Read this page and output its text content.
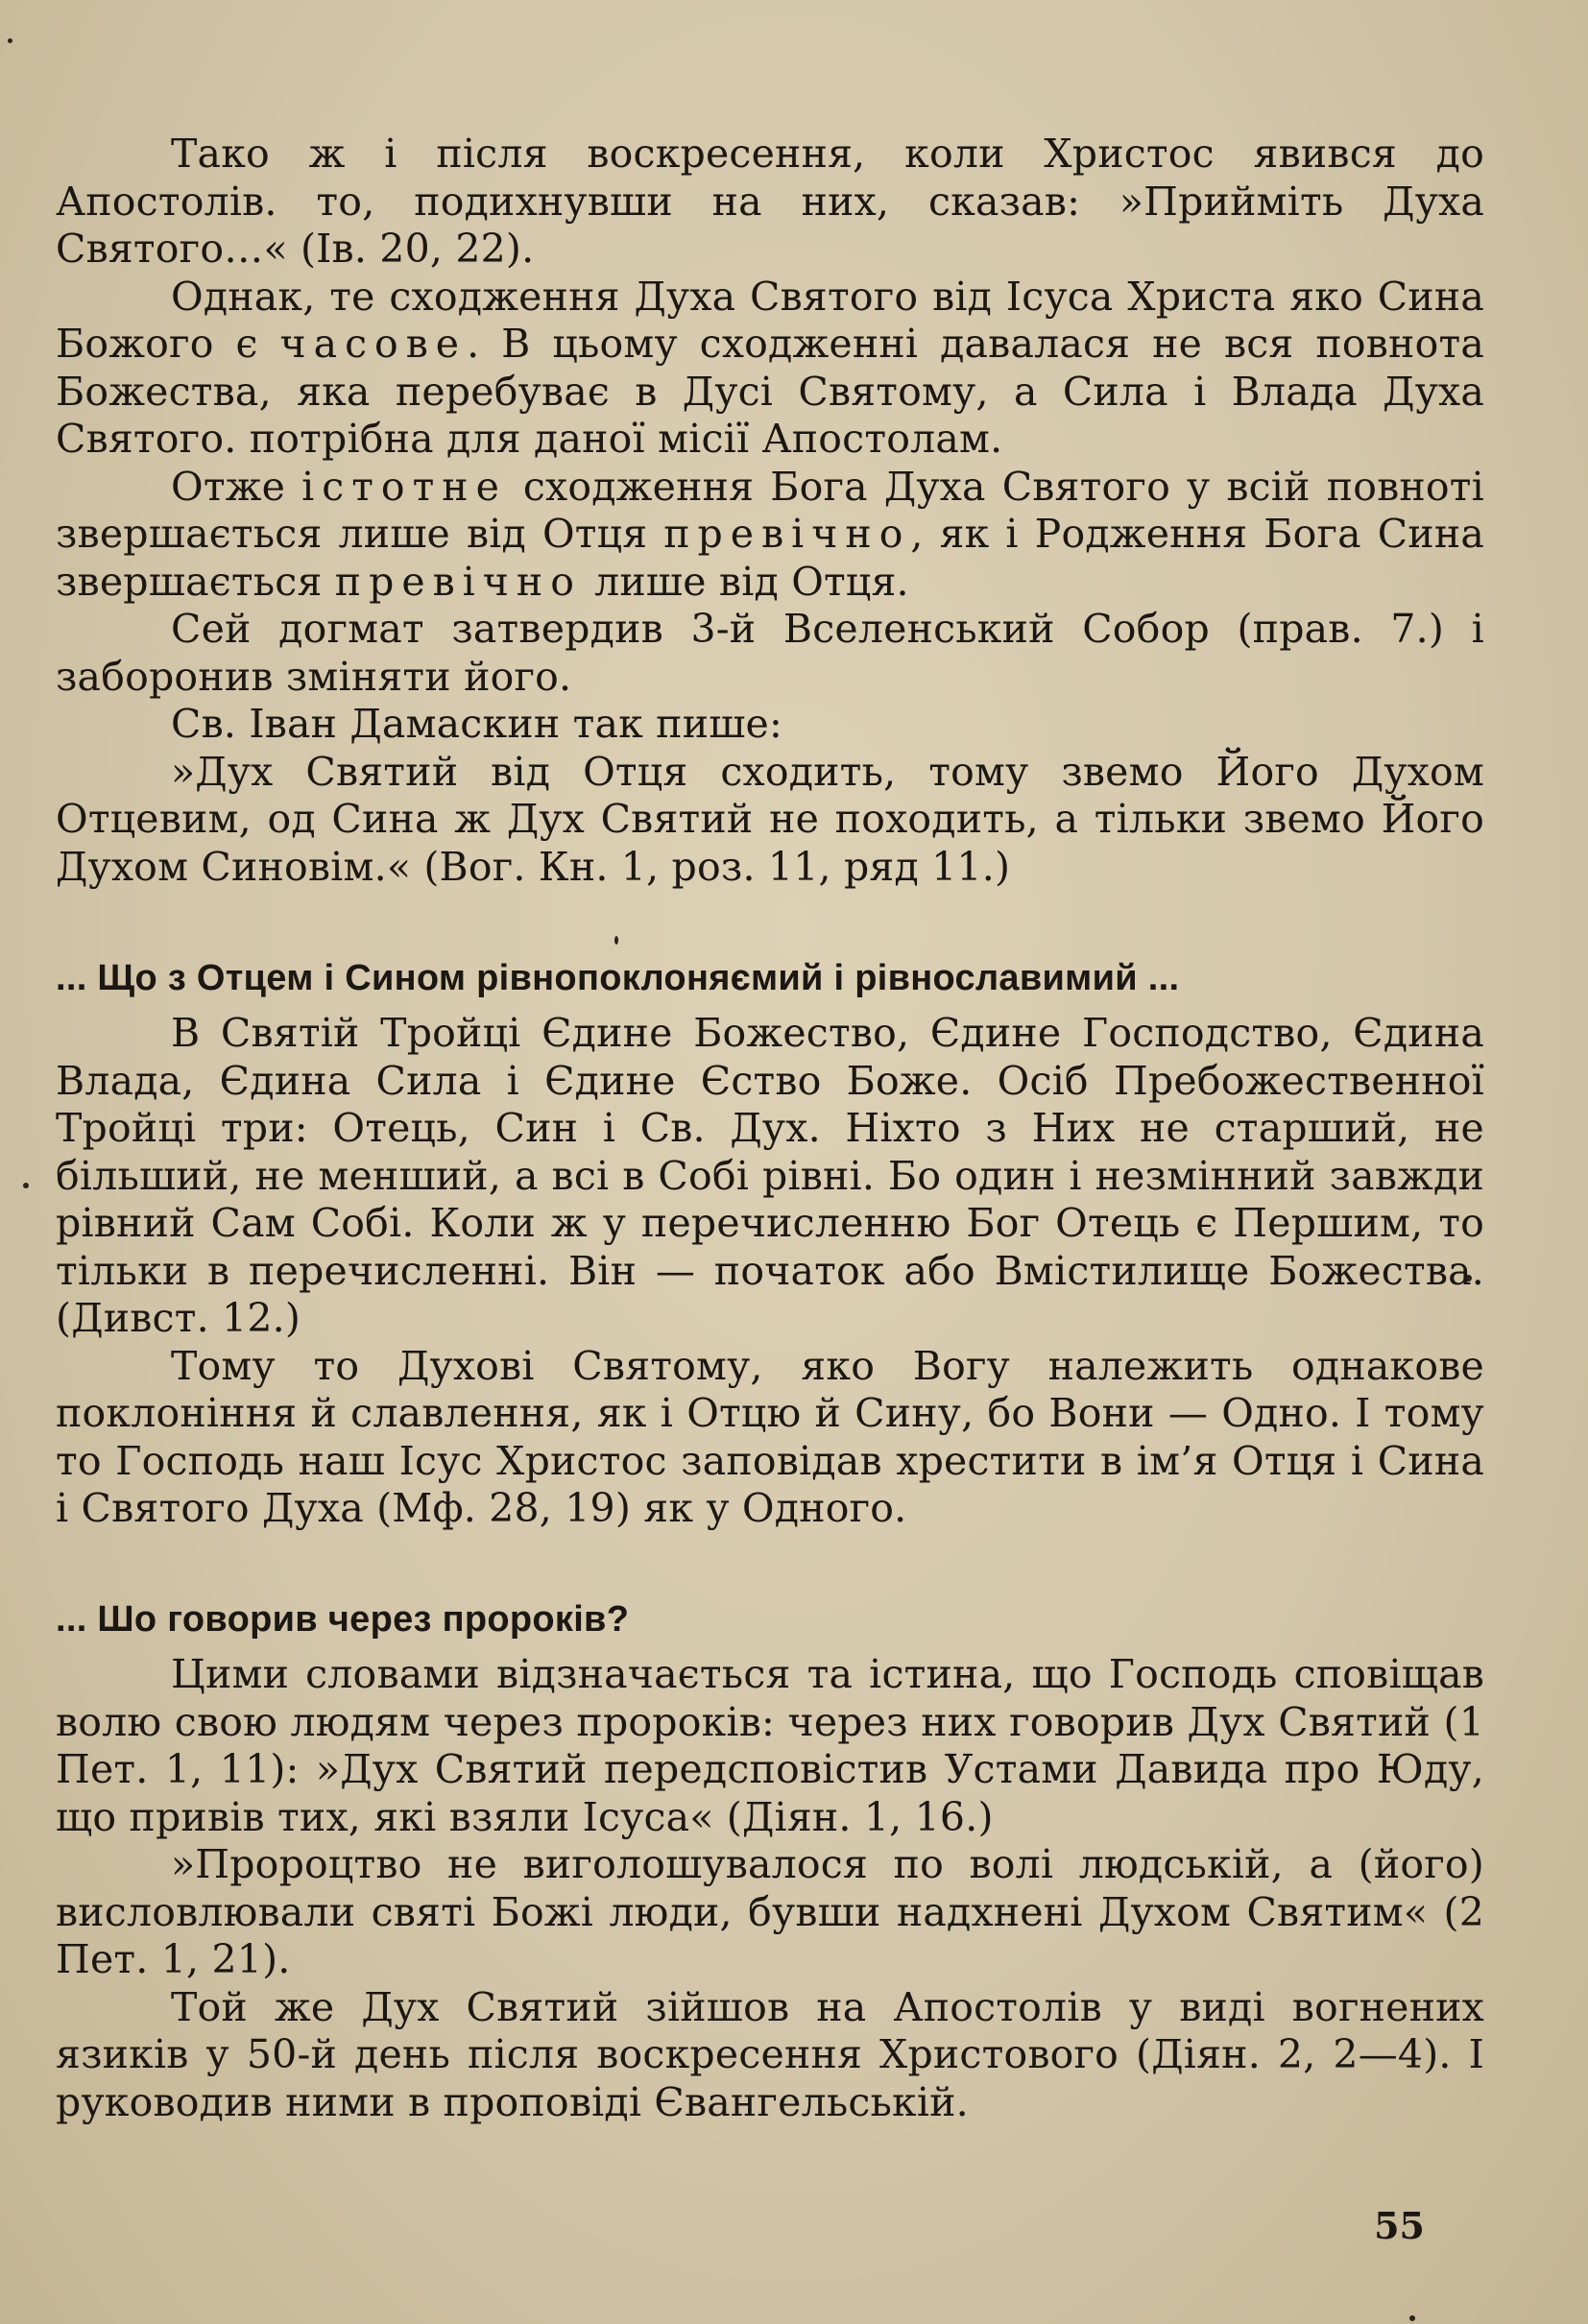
Тако ж і після воскресення, коли Христос явився до Апостолів. то, подихнувши на них, сказав: »Прийміть Духа Святого…« (Ів. 20, 22).

Однак, те сходження Духа Святого від Ісуса Христа яко Сина Божого є часове. В цьому сходженні давалася не вся повнота Божества, яка перебуває в Дусі Святому, а Сила і Влада Духа Святого. потрібна для даної місії Апостолам.

Отже істотне сходження Бога Духа Святого у всій повноті звершається лише від Отця превічно, як і Родження Бога Сина звершається превічно лише від Отця.

Сей догмат затвердив 3-й Вселенський Собор (прав. 7.) і заборонив зміняти його.

Св. Іван Дамаскин так пише:

»Дух Святий від Отця сходить, тому звемо Його Духом Отцевим, од Сина ж Дух Святий не походить, а тільки звемо Його Духом Синовім.« (Вог. Кн. 1, роз. 11, ряд 11.)

... Що з Отцем і Сином рівнопоклоняємий і рівнославимий ...

В Святій Тройці Єдине Божество, Єдине Господство, Єдина Влада, Єдина Сила і Єдине Єство Боже. Осіб Пребожественної Тройці три: Отець, Син і Св. Дух. Ніхто з Них не старший, не більший, не менший, а всі в Собі рівні. Бо один і незмінний завжди рівний Сам Собі. Коли ж у перечисленню Бог Отець є Першим, то тільки в перечисленні. Він — початок або Вмістилище Божества. (Дивст. 12.)

Тому то Духові Святому, яко Вогу належить однакове поклоніння й славлення, як і Отцю й Сину, бо Вони — Одно. І тому то Господь наш Ісус Христос заповідав хрестити в ім’я Отця і Сина і Святого Духа (Мф. 28, 19) як у Одного.

... Шо говорив через пророків?

Цими словами відзначається та істина, що Господь сповіщав волю свою людям через пророків: через них говорив Дух Святий (1 Пет. 1, 11): »Дух Святий передсповістив Устами Давида про Юду, що привів тих, які взяли Ісуса« (Діян. 1, 16.)

»Пророцтво не виголошувалося по волі людській, а (його) висловлювали святі Божі люди, бувши надхнені Духом Святим« (2 Пет. 1, 21).

Той же Дух Святий зійшов на Апостолів у виді вогнених язиків у 50-й день після воскресення Христового (Діян. 2, 2—4). І руководив ними в проповіді Євангельській.

55
